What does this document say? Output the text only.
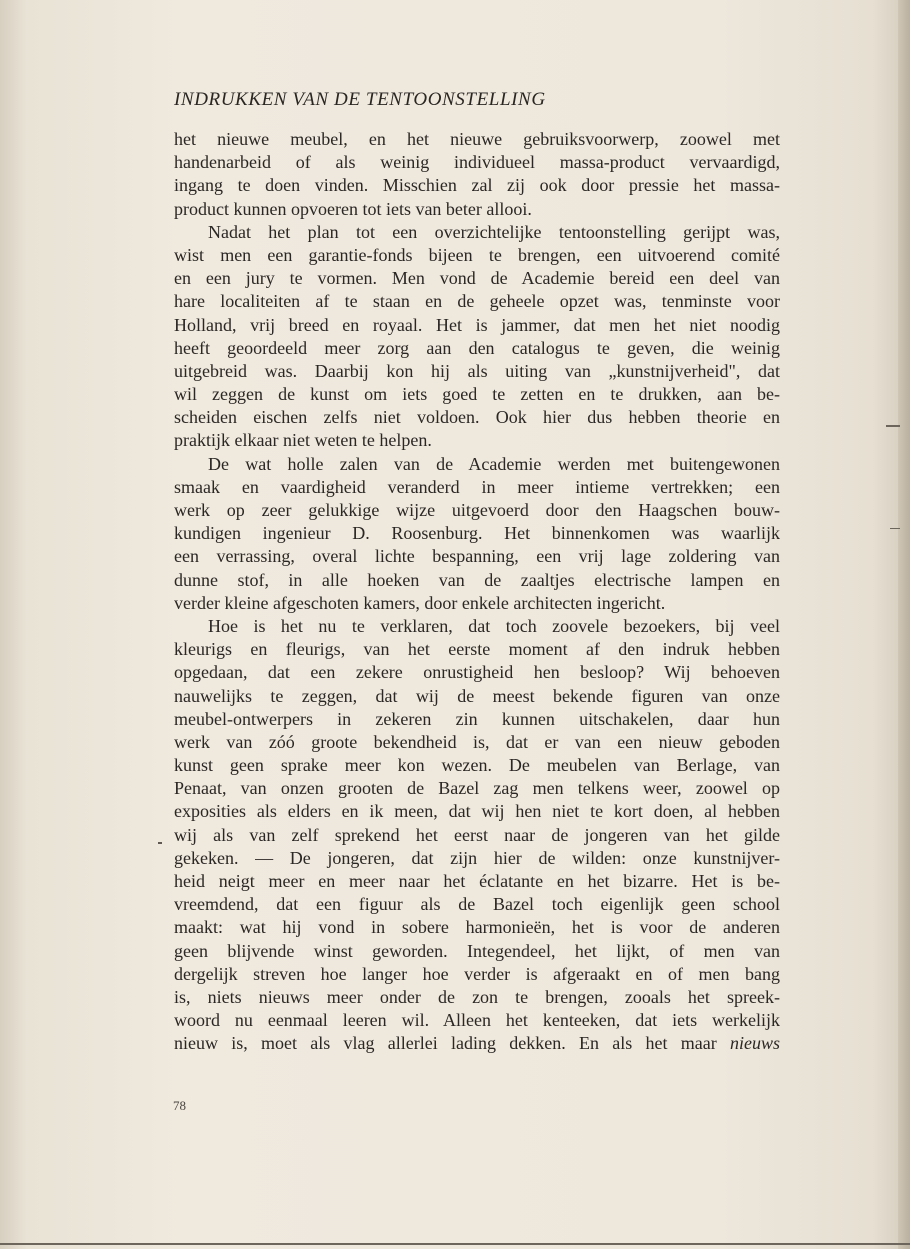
INDRUKKEN VAN DE TENTOONSTELLING
het nieuwe meubel, en het nieuwe gebruiksvoorwerp, zoowel met
handenarbeid of als weinig individueel massa-product vervaardigd,
ingang te doen vinden. Misschien zal zij ook door pressie het massa-
product kunnen opvoeren tot iets van beter allooi.
Nadat het plan tot een overzichtelijke tentoonstelling gerijpt was,
wist men een garantie-fonds bijeen te brengen, een uitvoerend comité
en een jury te vormen. Men vond de Academie bereid een deel van
hare localiteiten af te staan en de geheele opzet was, tenminste voor
Holland, vrij breed en royaal. Het is jammer, dat men het niet noodig
heeft geoordeeld meer zorg aan den catalogus te geven, die weinig
uitgebreid was. Daarbij kon hij als uiting van „kunstnijverheid", dat
wil zeggen de kunst om iets goed te zetten en te drukken, aan be-
scheiden eischen zelfs niet voldoen. Ook hier dus hebben theorie en
praktijk elkaar niet weten te helpen.
De wat holle zalen van de Academie werden met buitengewonen
smaak en vaardigheid veranderd in meer intieme vertrekken; een
werk op zeer gelukkige wijze uitgevoerd door den Haagschen bouw-
kundigen ingenieur D. Roosenburg. Het binnenkomen was waarlijk
een verrassing, overal lichte bespanning, een vrij lage zoldering van
dunne stof, in alle hoeken van de zaaltjes electrische lampen en
verder kleine afgeschoten kamers, door enkele architecten ingericht.
Hoe is het nu te verklaren, dat toch zoovele bezoekers, bij veel
kleurigs en fleurigs, van het eerste moment af den indruk hebben
opgedaan, dat een zekere onrustigheid hen besloop? Wij behoeven
nauwelijks te zeggen, dat wij de meest bekende figuren van onze
meubel-ontwerpers in zekeren zin kunnen uitschakelen, daar hun
werk van zóó groote bekendheid is, dat er van een nieuw geboden
kunst geen sprake meer kon wezen. De meubelen van Berlage, van
Penaat, van onzen grooten de Bazel zag men telkens weer, zoowel op
exposities als elders en ik meen, dat wij hen niet te kort doen, al hebben
wij als van zelf sprekend het eerst naar de jongeren van het gilde
gekeken. — De jongeren, dat zijn hier de wilden: onze kunstnijver-
heid neigt meer en meer naar het éclatante en het bizarre. Het is be-
vreemdend, dat een figuur als de Bazel toch eigenlijk geen school
maakt: wat hij vond in sobere harmonieën, het is voor de anderen
geen blijvende winst geworden. Integendeel, het lijkt, of men van
dergelijk streven hoe langer hoe verder is afgeraakt en of men bang
is, niets nieuws meer onder de zon te brengen, zooals het spreek-
woord nu eenmaal leeren wil. Alleen het kenteeken, dat iets werkelijk
nieuw is, moet als vlag allerlei lading dekken. En als het maar nieuws
78
